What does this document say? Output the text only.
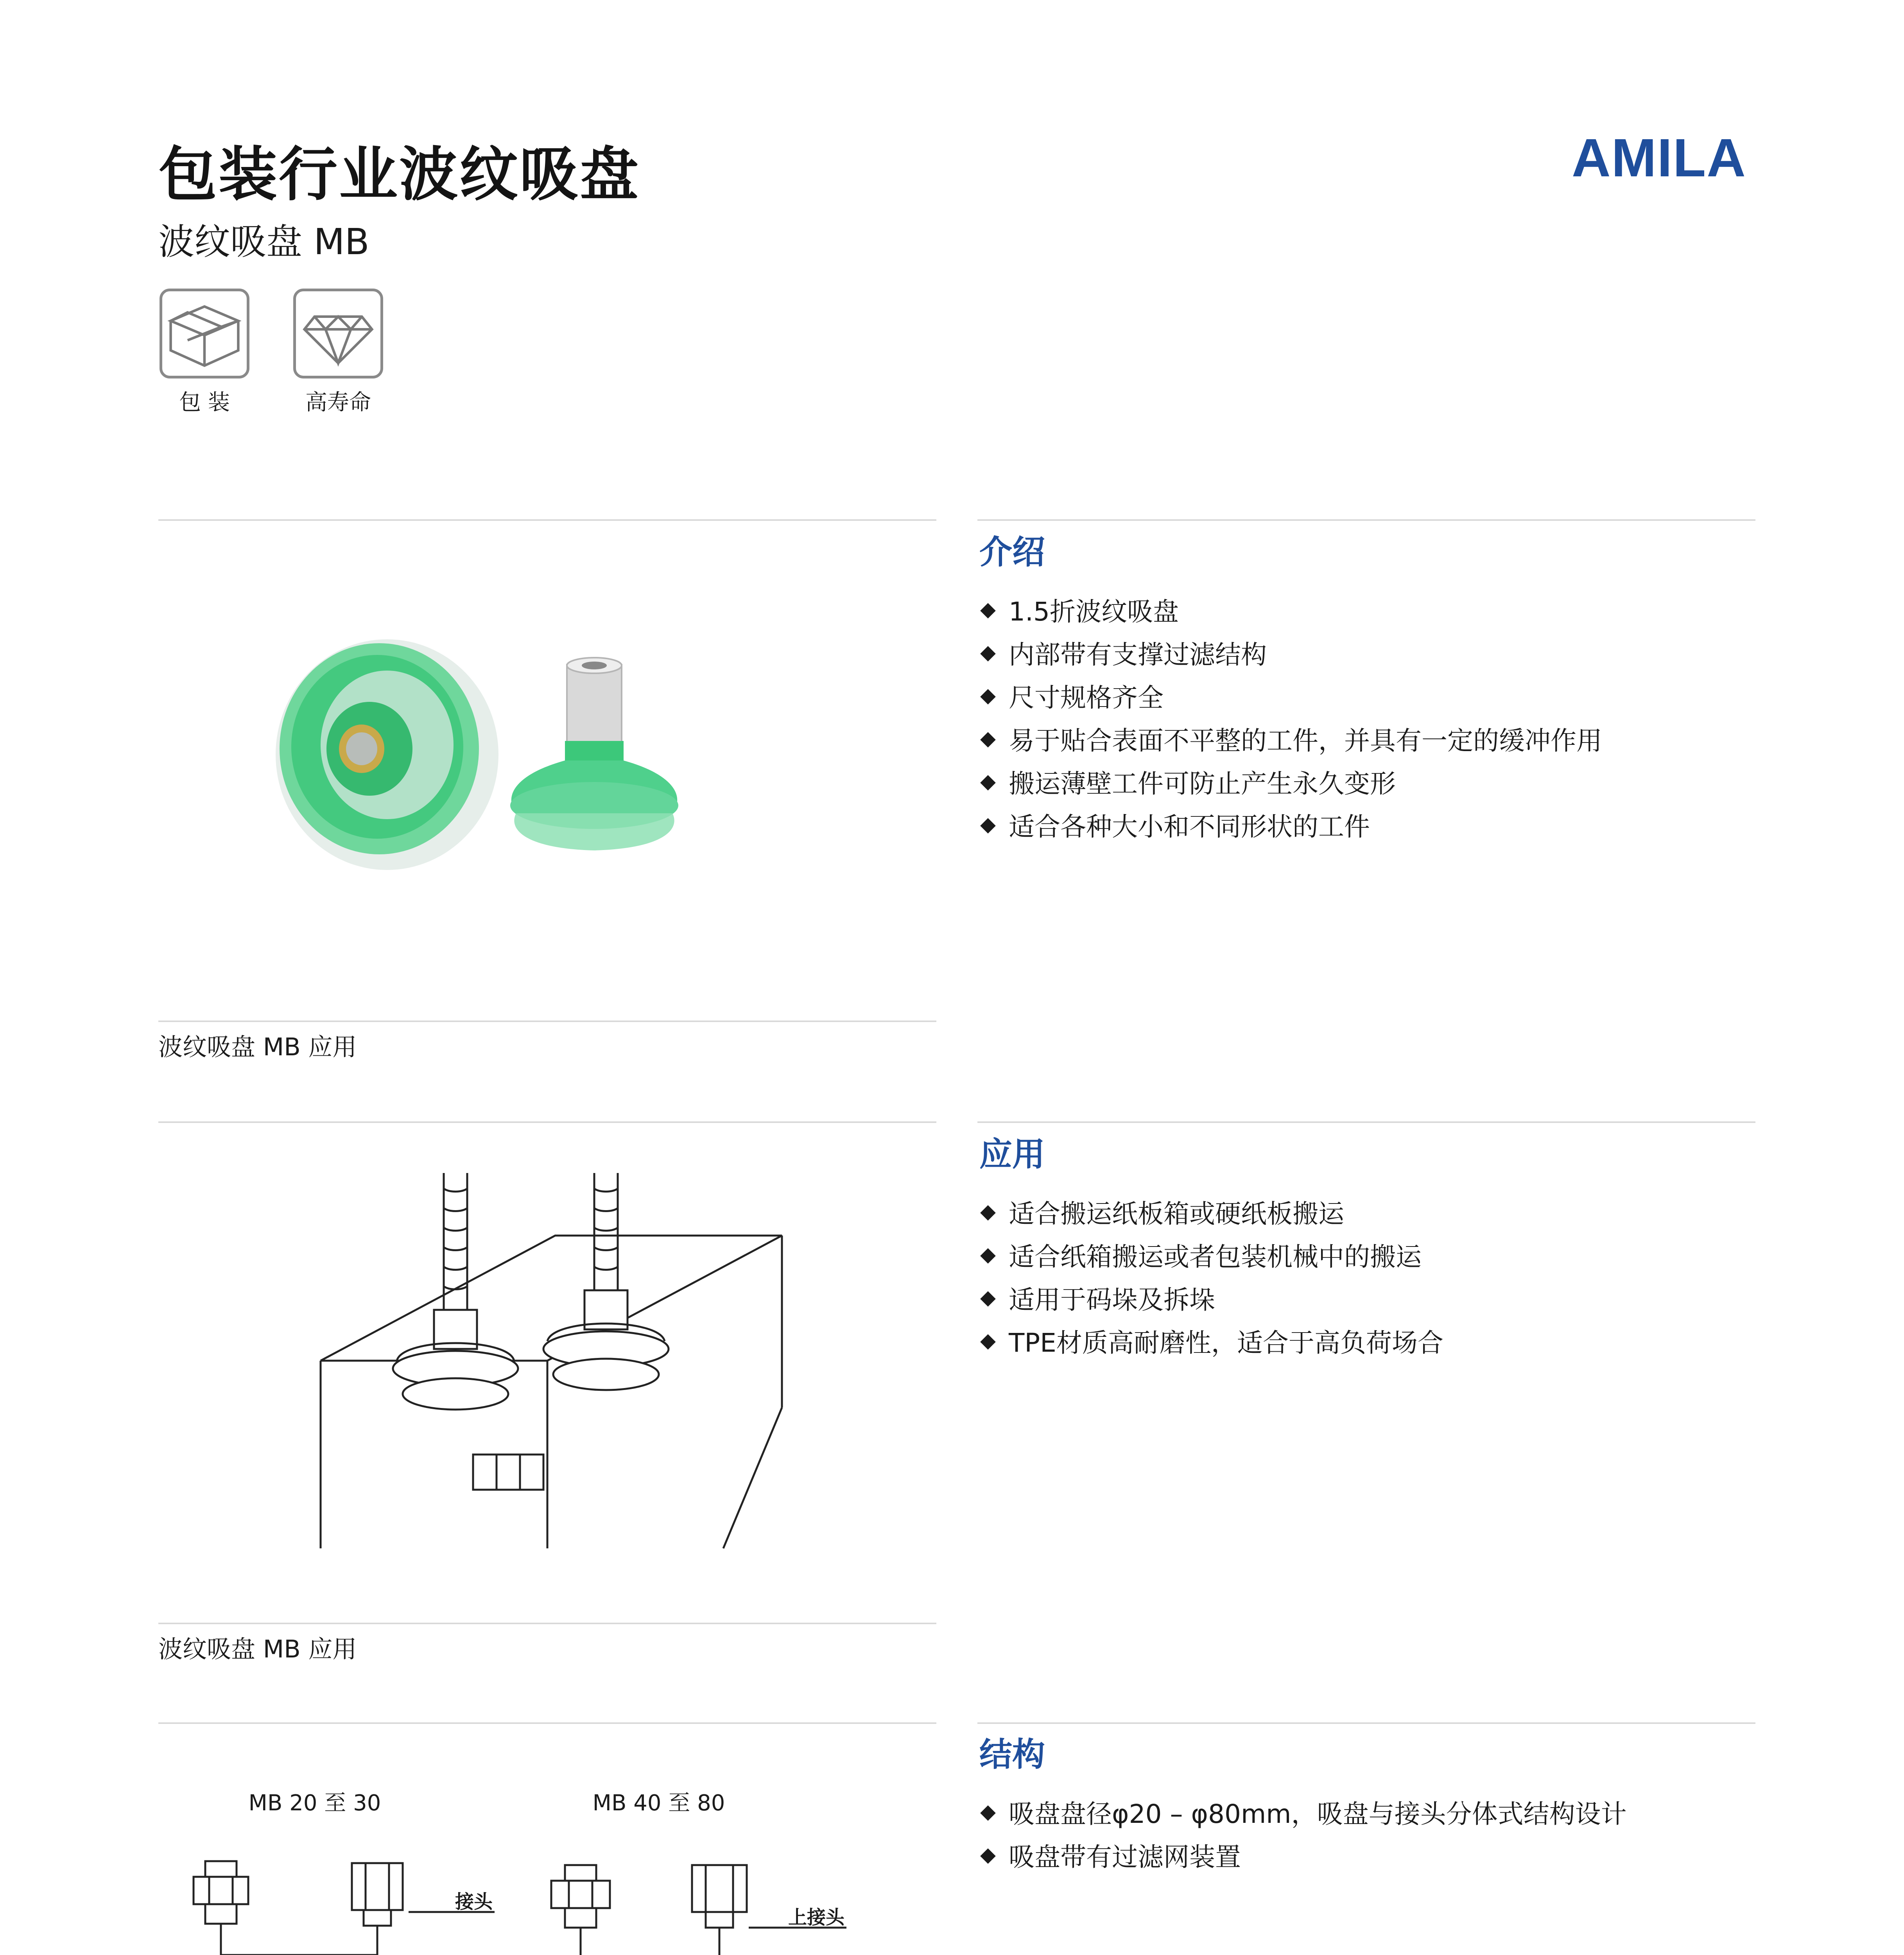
包装行业波纹吸盘
波纹吸盘 MB
AMILA
包 装	高寿命
介绍
1.5折波纹吸盘
内部带有支撑过滤结构
尺寸规格齐全
易于贴合表面不平整的工件，并具有一定的缓冲作用
搬运薄壁工件可防止产生永久变形
适合各种大小和不同形状的工件
波纹吸盘 MB 应用
应用
适合搬运纸板箱或硬纸板搬运
适合纸箱搬运或者包装机械中的搬运
适用于码垛及拆垛
TPE材质高耐磨性，适合于高负荷场合
波纹吸盘 MB 应用
结构
MB 20 至 30	MB 40 至 80
接头
上接头
吸盘盘径φ20 – φ80mm，吸盘与接头分体式结构设计
吸盘带有过滤网装置
